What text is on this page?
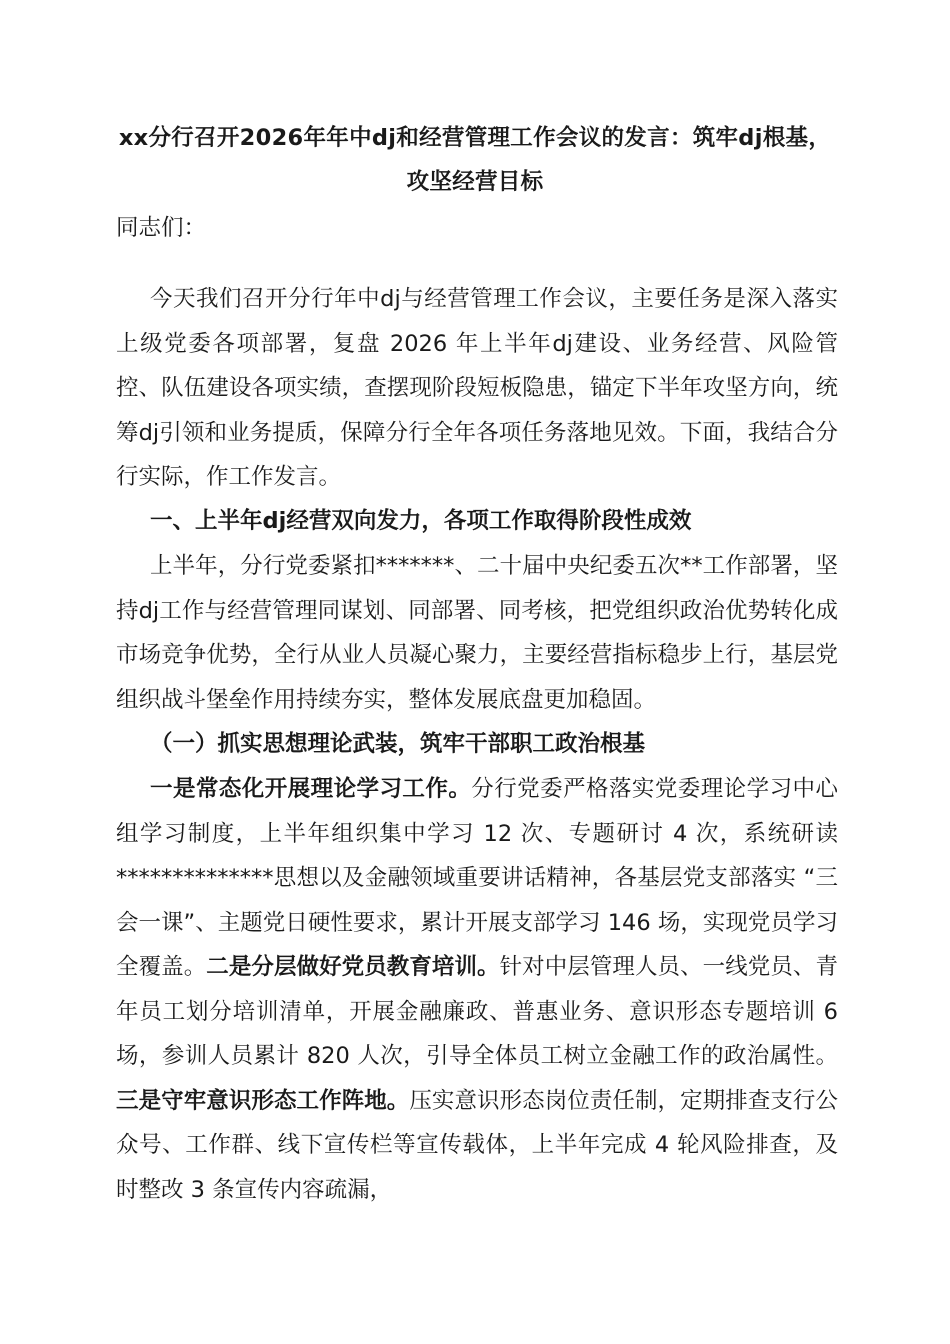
xx分行召开2026年年中dj和经营管理工作会议的发言：筑牢dj根基，攻坚经营目标
同志们：
今天我们召开分行年中dj与经营管理工作会议，主要任务是深入落实上级党委各项部署，复盘 2026 年上半年dj建设、业务经营、风险管控、队伍建设各项实绩，查摆现阶段短板隐患，锚定下半年攻坚方向，统筹dj引领和业务提质，保障分行全年各项任务落地见效。下面，我结合分行实际，作工作发言。
一、上半年dj经营双向发力，各项工作取得阶段性成效
上半年，分行党委紧扣*******、二十届中央纪委五次**工作部署，坚持dj工作与经营管理同谋划、同部署、同考核，把党组织政治优势转化成市场竞争优势，全行从业人员凝心聚力，主要经营指标稳步上行，基层党组织战斗堡垒作用持续夯实，整体发展底盘更加稳固。
（一）抓实思想理论武装，筑牢干部职工政治根基
一是常态化开展理论学习工作。分行党委严格落实党委理论学习中心组学习制度，上半年组织集中学习 12 次、专题研讨 4 次，系统研读**************思想以及金融领域重要讲话精神，各基层党支部落实 “三会一课”、主题党日硬性要求，累计开展支部学习 146 场，实现党员学习全覆盖。二是分层做好党员教育培训。针对中层管理人员、一线党员、青年员工划分培训清单，开展金融廉政、普惠业务、意识形态专题培训 6 场，参训人员累计 820 人次，引导全体员工树立金融工作的政治属性。三是守牢意识形态工作阵地。压实意识形态岗位责任制，定期排查支行公众号、工作群、线下宣传栏等宣传载体，上半年完成 4 轮风险排查，及时整改 3 条宣传内容疏漏，
